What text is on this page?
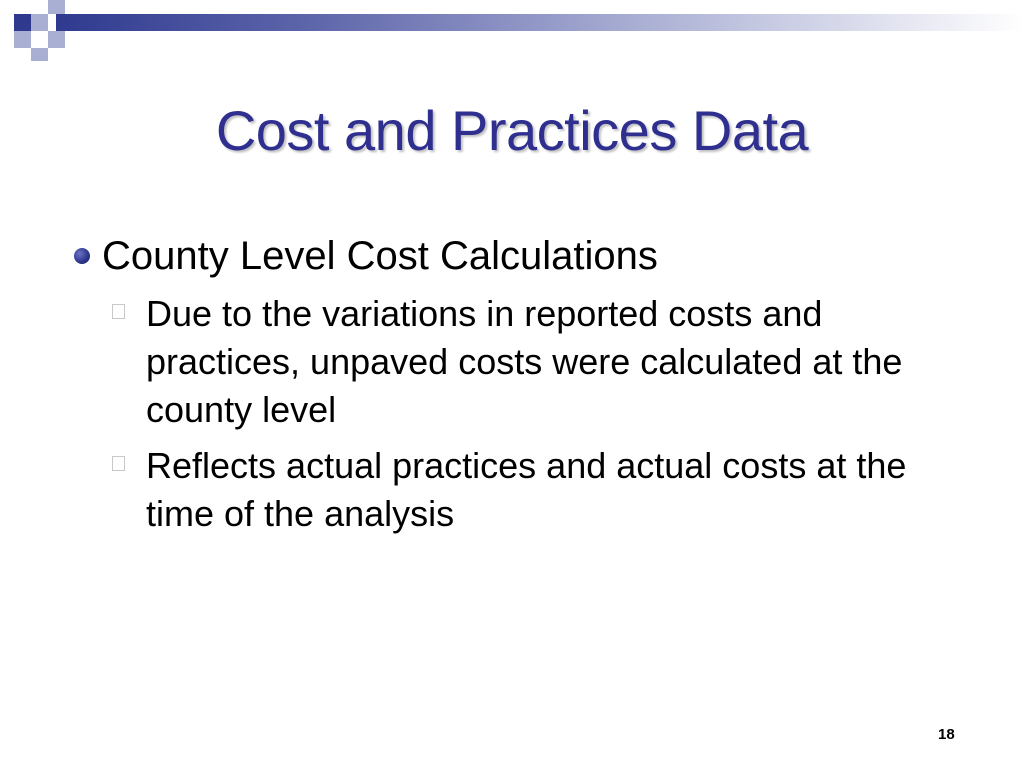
Cost and Practices Data
County Level Cost Calculations
Due to the variations in reported costs and practices, unpaved costs were calculated at the county level
Reflects actual practices and actual costs at the time of the analysis
18
